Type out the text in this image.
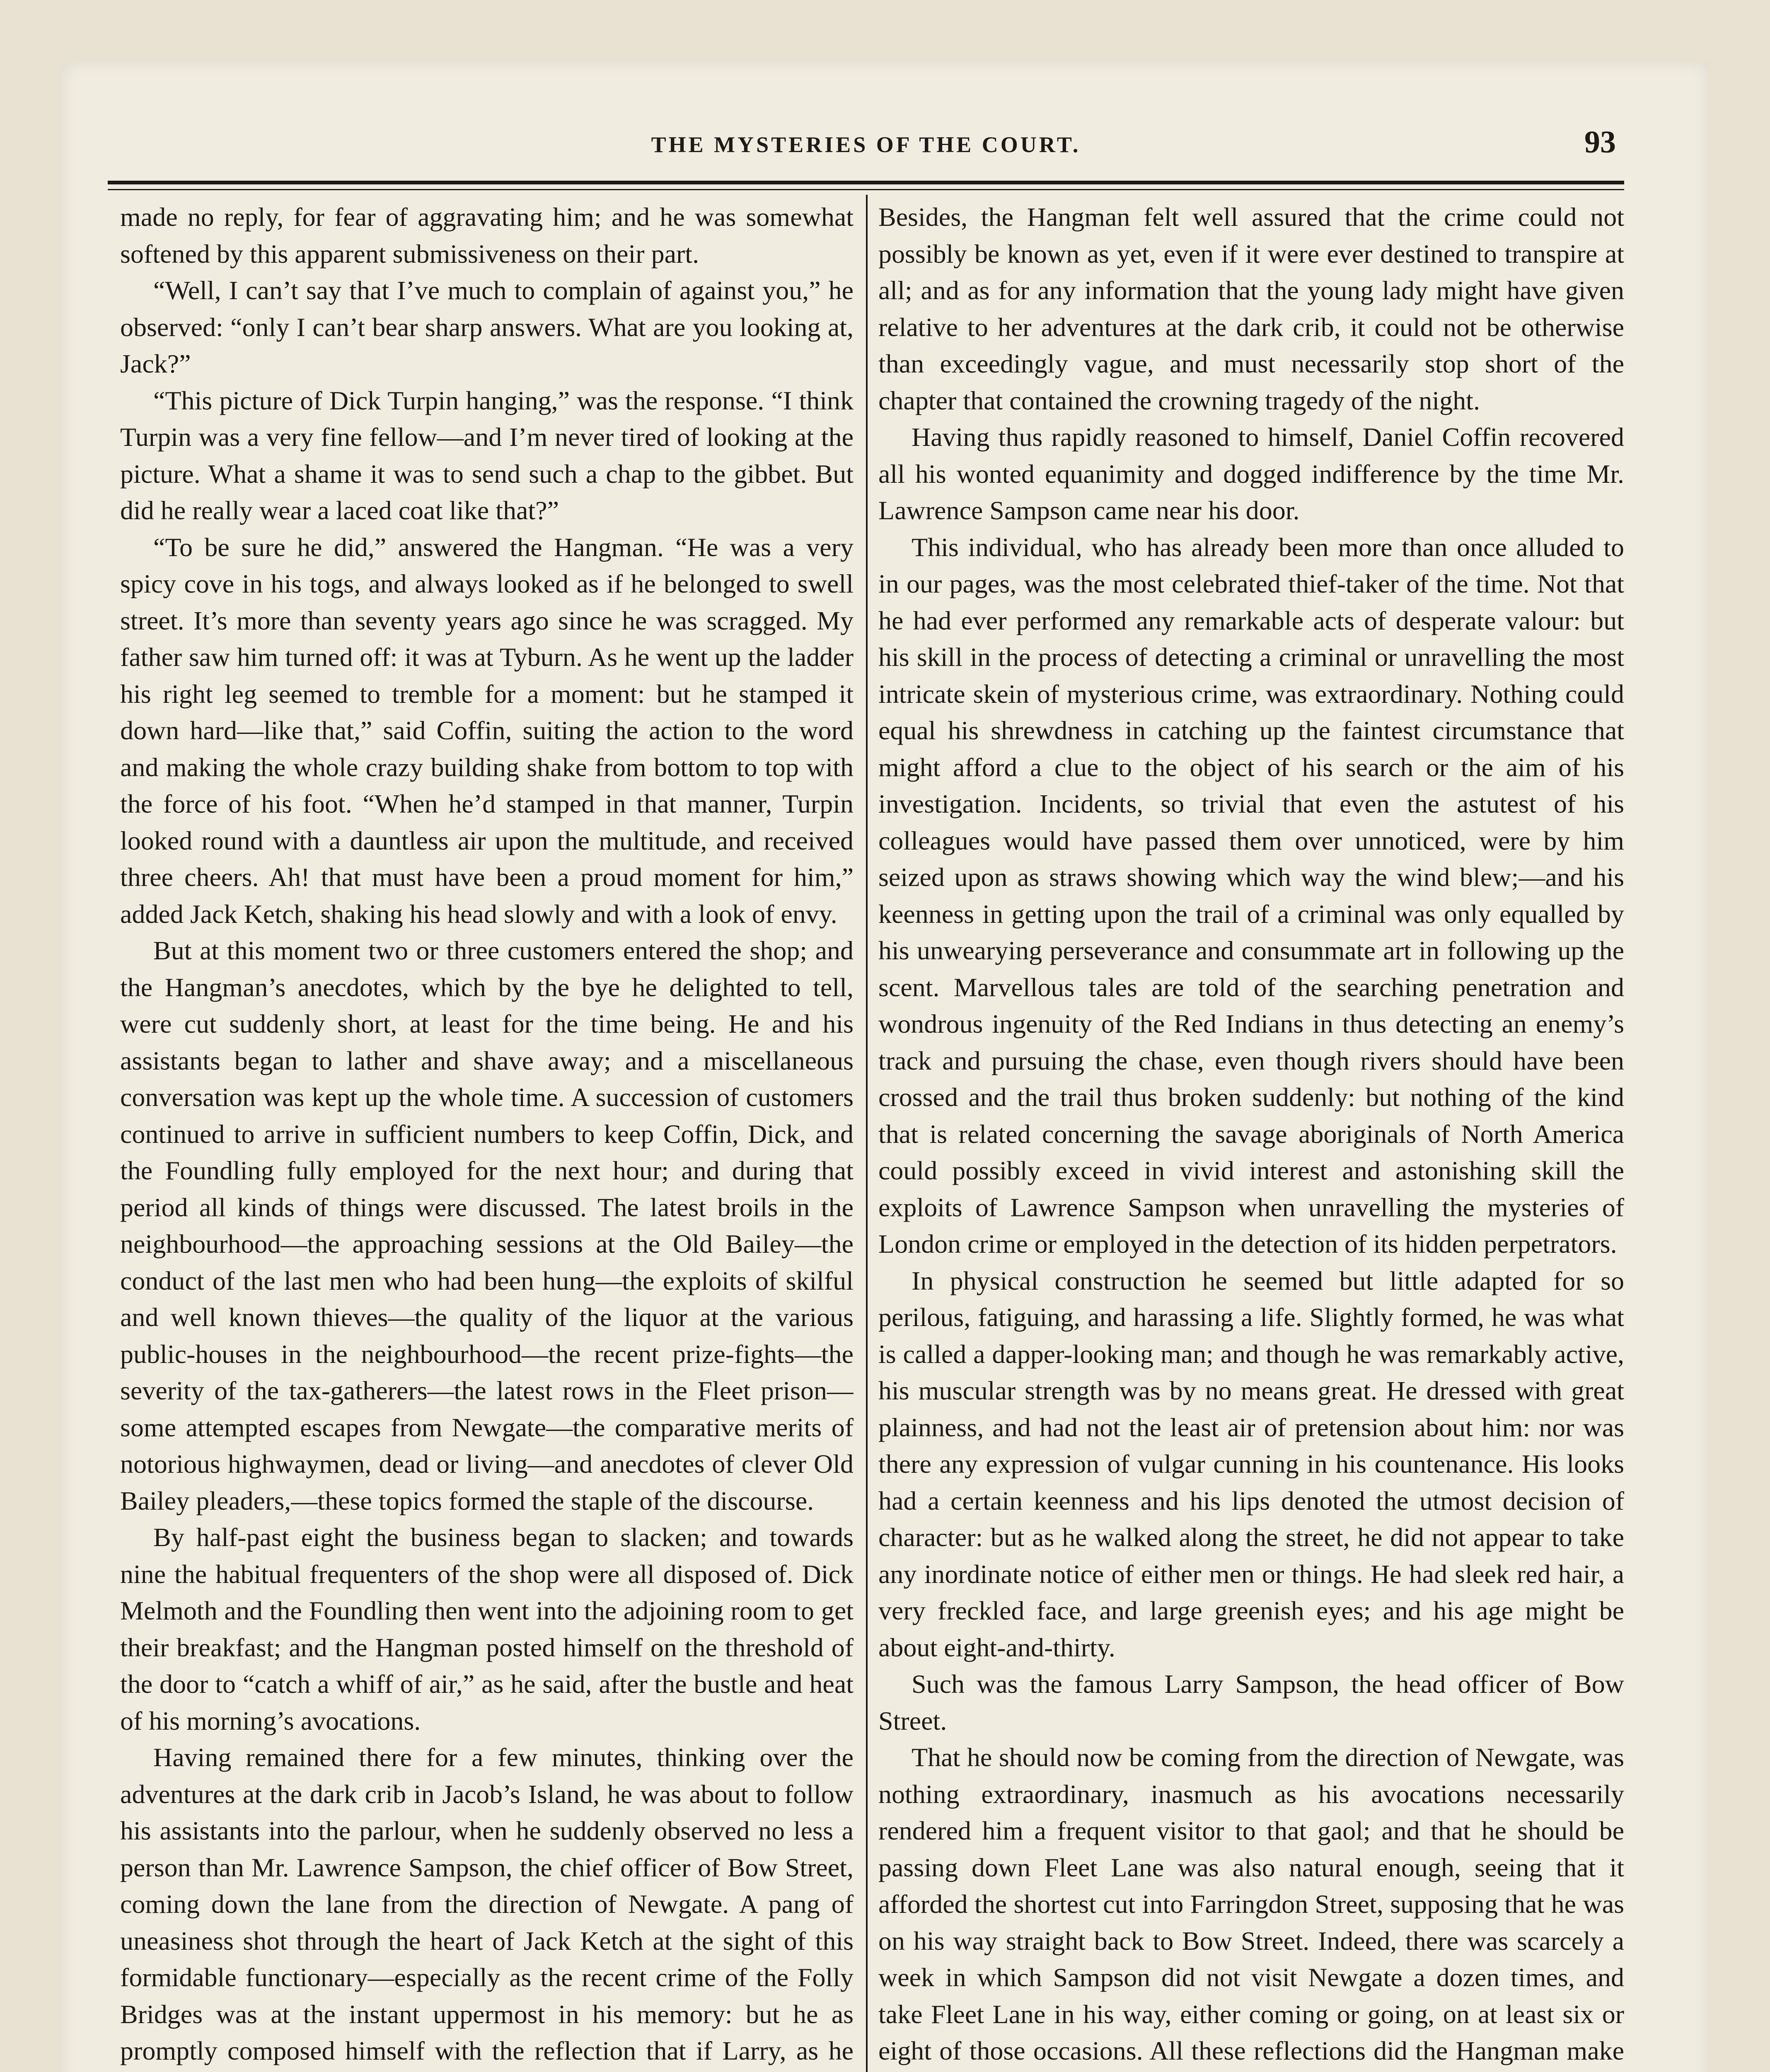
THE MYSTERIES OF THE COURT.	93

made no reply, for fear of aggravating him; and he was somewhat softened by this apparent submissiveness on their part.

“Well, I can’t say that I’ve much to complain of against you,” he observed: “only I can’t bear sharp answers. What are you looking at, Jack?”

“This picture of Dick Turpin hanging,” was the response. “I think Turpin was a very fine fellow—and I’m never tired of looking at the picture. What a shame it was to send such a chap to the gibbet. But did he really wear a laced coat like that?”

“To be sure he did,” answered the Hangman. “He was a very spicy cove in his togs, and always looked as if he belonged to swell street. It’s more than seventy years ago since he was scragged. My father saw him turned off: it was at Tyburn. As he went up the ladder his right leg seemed to tremble for a moment: but he stamped it down hard—like that,” said Coffin, suiting the action to the word and making the whole crazy building shake from bottom to top with the force of his foot. “When he’d stamped in that manner, Turpin looked round with a dauntless air upon the multitude, and received three cheers. Ah! that must have been a proud moment for him,” added Jack Ketch, shaking his head slowly and with a look of envy.

But at this moment two or three customers entered the shop; and the Hangman’s anecdotes, which by the bye he delighted to tell, were cut suddenly short, at least for the time being. He and his assistants began to lather and shave away; and a miscellaneous conversation was kept up the whole time. A succession of customers continued to arrive in sufficient numbers to keep Coffin, Dick, and the Foundling fully employed for the next hour; and during that period all kinds of things were discussed. The latest broils in the neighbourhood—the approaching sessions at the Old Bailey—the conduct of the last men who had been hung—the exploits of skilful and well known thieves—the quality of the liquor at the various public-houses in the neighbourhood—the recent prize-fights—the severity of the tax-gatherers—the latest rows in the Fleet prison—some attempted escapes from Newgate—the comparative merits of notorious highwaymen, dead or living—and anecdotes of clever Old Bailey pleaders,—these topics formed the staple of the discourse.

By half-past eight the business began to slacken; and towards nine the habitual frequenters of the shop were all disposed of. Dick Melmoth and the Foundling then went into the adjoining room to get their breakfast; and the Hangman posted himself on the threshold of the door to “catch a whiff of air,” as he said, after the bustle and heat of his morning’s avocations.

Having remained there for a few minutes, thinking over the adventures at the dark crib in Jacob’s Island, he was about to follow his assistants into the parlour, when he suddenly observed no less a person than Mr. Lawrence Sampson, the chief officer of Bow Street, coming down the lane from the direction of Newgate. A pang of uneasiness shot through the heart of Jack Ketch at the sight of this formidable functionary—especially as the recent crime of the Folly Bridges was at the instant uppermost in his memory: but he as promptly composed himself with the reflection that if Larry, as he

Besides, the Hangman felt well assured that the crime could not possibly be known as yet, even if it were ever destined to transpire at all; and as for any information that the young lady might have given relative to her adventures at the dark crib, it could not be otherwise than exceedingly vague, and must necessarily stop short of the chapter that contained the crowning tragedy of the night.

Having thus rapidly reasoned to himself, Daniel Coffin recovered all his wonted equanimity and dogged indifference by the time Mr. Lawrence Sampson came near his door.

This individual, who has already been more than once alluded to in our pages, was the most celebrated thief-taker of the time. Not that he had ever performed any remarkable acts of desperate valour: but his skill in the process of detecting a criminal or unravelling the most intricate skein of mysterious crime, was extraordinary. Nothing could equal his shrewdness in catching up the faintest circumstance that might afford a clue to the object of his search or the aim of his investigation. Incidents, so trivial that even the astutest of his colleagues would have passed them over unnoticed, were by him seized upon as straws showing which way the wind blew;—and his keenness in getting upon the trail of a criminal was only equalled by his unwearying perseverance and consummate art in following up the scent. Marvellous tales are told of the searching penetration and wondrous ingenuity of the Red Indians in thus detecting an enemy’s track and pursuing the chase, even though rivers should have been crossed and the trail thus broken suddenly: but nothing of the kind that is related concerning the savage aboriginals of North America could possibly exceed in vivid interest and astonishing skill the exploits of Lawrence Sampson when unravelling the mysteries of London crime or employed in the detection of its hidden perpetrators.

In physical construction he seemed but little adapted for so perilous, fatiguing, and harassing a life. Slightly formed, he was what is called a dapper-looking man; and though he was remarkably active, his muscular strength was by no means great. He dressed with great plainness, and had not the least air of pretension about him: nor was there any expression of vulgar cunning in his countenance. His looks had a certain keenness and his lips denoted the utmost decision of character: but as he walked along the street, he did not appear to take any inordinate notice of either men or things. He had sleek red hair, a very freckled face, and large greenish eyes; and his age might be about eight-and-thirty.

Such was the famous Larry Sampson, the head officer of Bow Street.

That he should now be coming from the direction of Newgate, was nothing extraordinary, inasmuch as his avocations necessarily rendered him a frequent visitor to that gaol; and that he should be passing down Fleet Lane was also natural enough, seeing that it afforded the shortest cut into Farringdon Street, supposing that he was on his way straight back to Bow Street. Indeed, there was scarcely a week in which Sampson did not visit Newgate a dozen times, and take Fleet Lane in his way, either coming or going, on at least six or eight of those occasions. All these reflections did the Hangman make
